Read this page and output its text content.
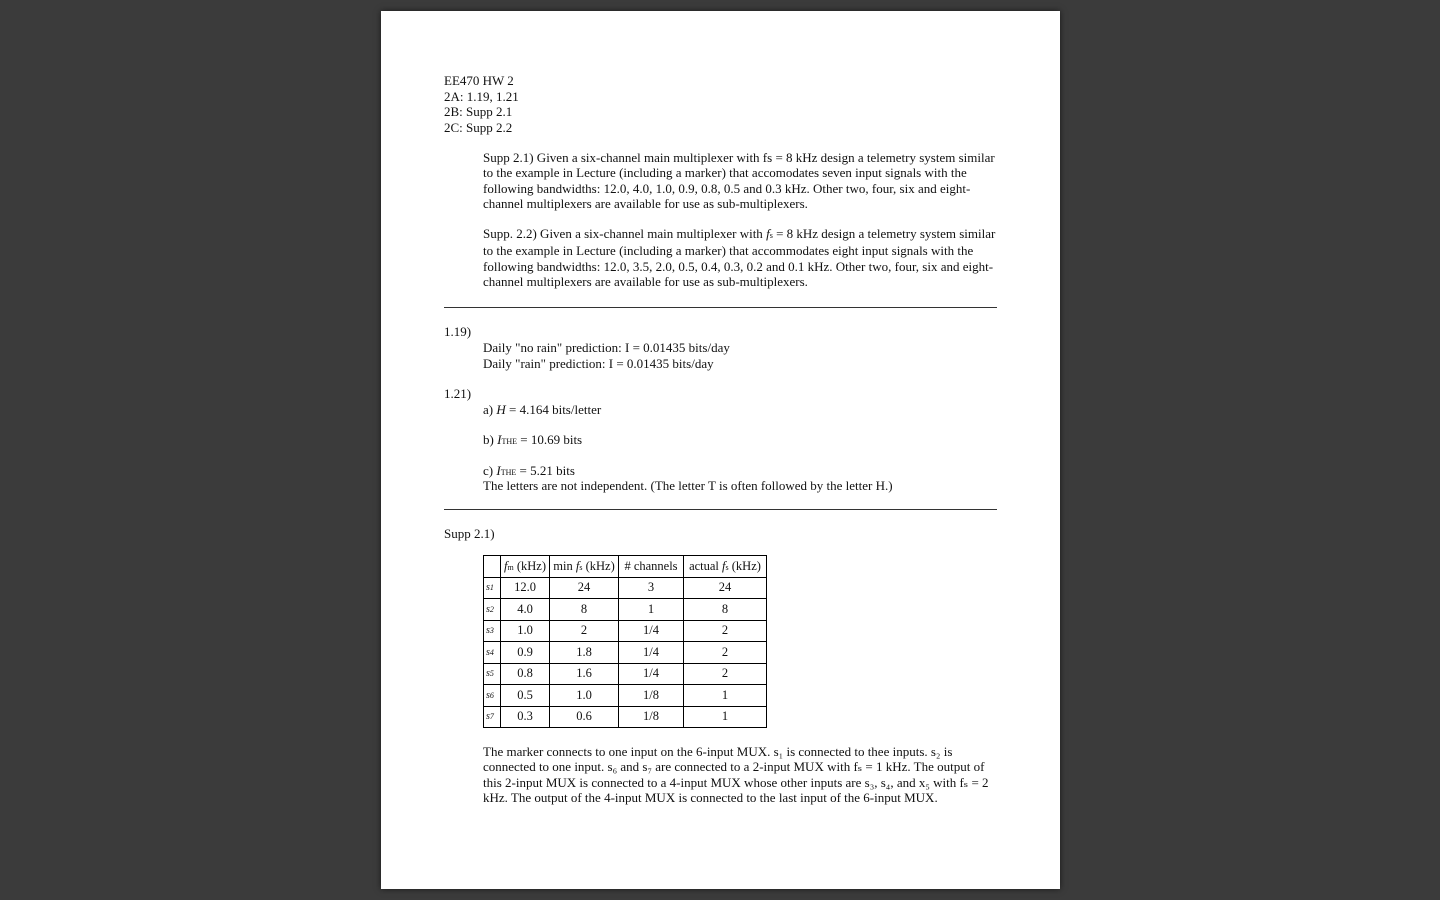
EE470 HW 2
2A: 1.19, 1.21
2B: Supp 2.1
2C: Supp 2.2
Supp 2.1) Given a six-channel main multiplexer with fs = 8 kHz design a telemetry system similar to the example in Lecture (including a marker) that accomodates seven input signals with the following bandwidths: 12.0, 4.0, 1.0, 0.9, 0.8, 0.5 and 0.3 kHz. Other two, four, six and eight-channel multiplexers are available for use as sub-multiplexers.
Supp. 2.2) Given a six-channel main multiplexer with fs = 8 kHz design a telemetry system similar to the example in Lecture (including a marker) that accommodates eight input signals with the following bandwidths: 12.0, 3.5, 2.0, 0.5, 0.4, 0.3, 0.2 and 0.1 kHz. Other two, four, six and eight-channel multiplexers are available for use as sub-multiplexers.
1.19)
Daily "no rain" prediction: I = 0.01435 bits/day
Daily "rain" prediction: I = 0.01435 bits/day
1.21)
a) H = 4.164 bits/letter
b) ITHE = 10.69 bits
c) ITHE = 5.21 bits
The letters are not independent. (The letter T is often followed by the letter H.)
Supp 2.1)
	fm (kHz)	min fs (kHz)	# channels	actual fs (kHz)
s1	12.0	24	3	24
s2	4.0	8	1	8
s3	1.0	2	1/4	2
s4	0.9	1.8	1/4	2
s5	0.8	1.6	1/4	2
s6	0.5	1.0	1/8	1
s7	0.3	0.6	1/8	1
The marker connects to one input on the 6-input MUX. s₁ is connected to thee inputs. s₂ is connected to one input. s₆ and s₇ are connected to a 2-input MUX with fₛ = 1 kHz. The output of this 2-input MUX is connected to a 4-input MUX whose other inputs are s₃, s₄, and x₅ with fₛ = 2 kHz. The output of the 4-input MUX is connected to the last input of the 6-input MUX.
